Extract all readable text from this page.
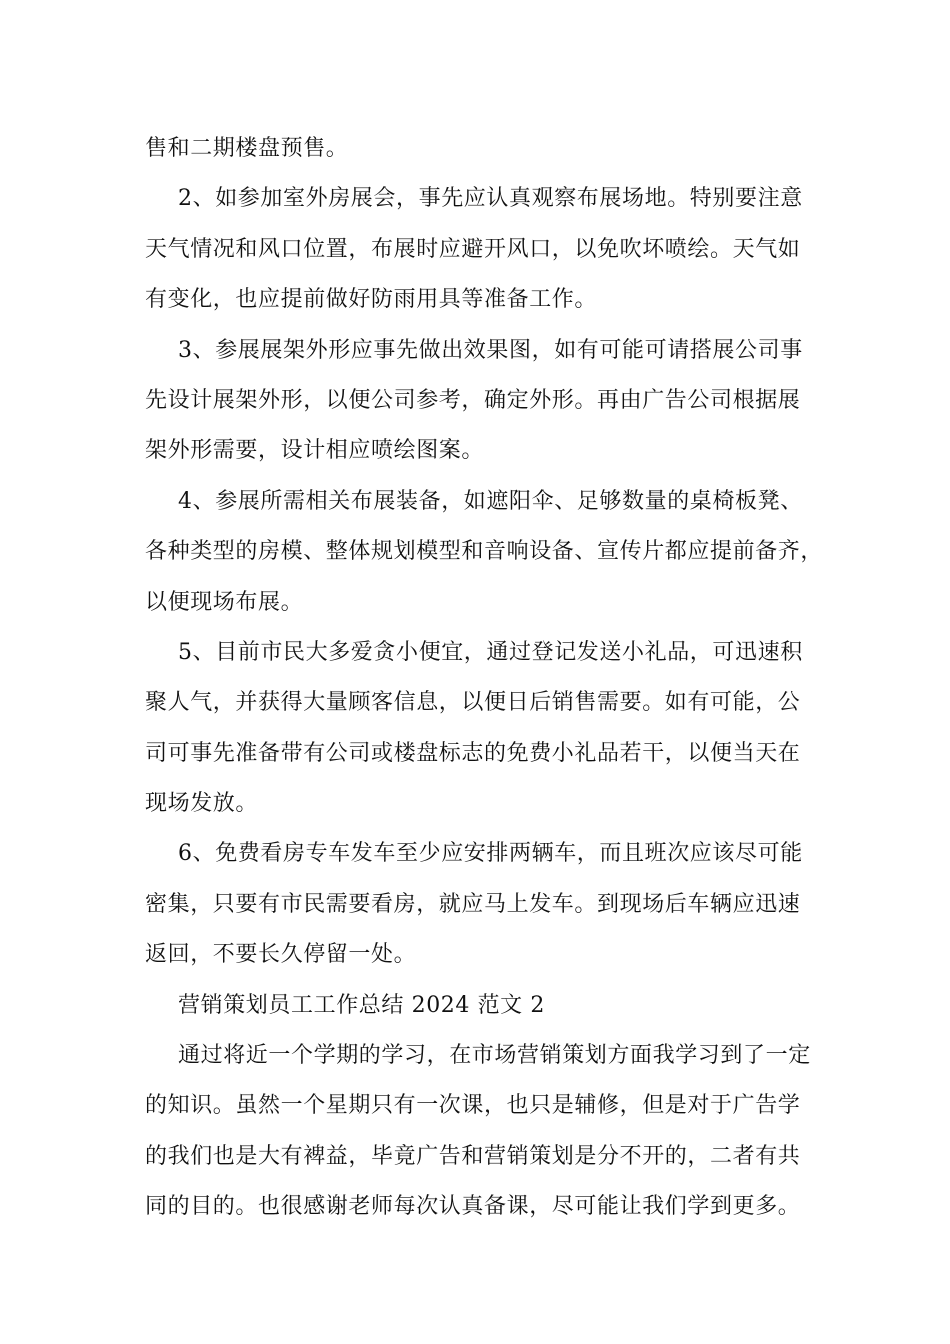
售和二期楼盘预售。
2、如参加室外房展会，事先应认真观察布展场地。特别要注意
天气情况和风口位置，布展时应避开风口，以免吹坏喷绘。天气如
有变化，也应提前做好防雨用具等准备工作。
3、参展展架外形应事先做出效果图，如有可能可请搭展公司事
先设计展架外形，以便公司参考，确定外形。再由广告公司根据展
架外形需要，设计相应喷绘图案。
4、参展所需相关布展装备，如遮阳伞、足够数量的桌椅板凳、
各种类型的房模、整体规划模型和音响设备、宣传片都应提前备齐，
以便现场布展。
5、目前市民大多爱贪小便宜，通过登记发送小礼品，可迅速积
聚人气，并获得大量顾客信息，以便日后销售需要。如有可能，公
司可事先准备带有公司或楼盘标志的免费小礼品若干，以便当天在
现场发放。
6、免费看房专车发车至少应安排两辆车，而且班次应该尽可能
密集，只要有市民需要看房，就应马上发车。到现场后车辆应迅速
返回，不要长久停留一处。
营销策划员工工作总结 2024 范文 2
通过将近一个学期的学习，在市场营销策划方面我学习到了一定
的知识。虽然一个星期只有一次课，也只是辅修，但是对于广告学
的我们也是大有裨益，毕竟广告和营销策划是分不开的，二者有共
同的目的。也很感谢老师每次认真备课，尽可能让我们学到更多。
